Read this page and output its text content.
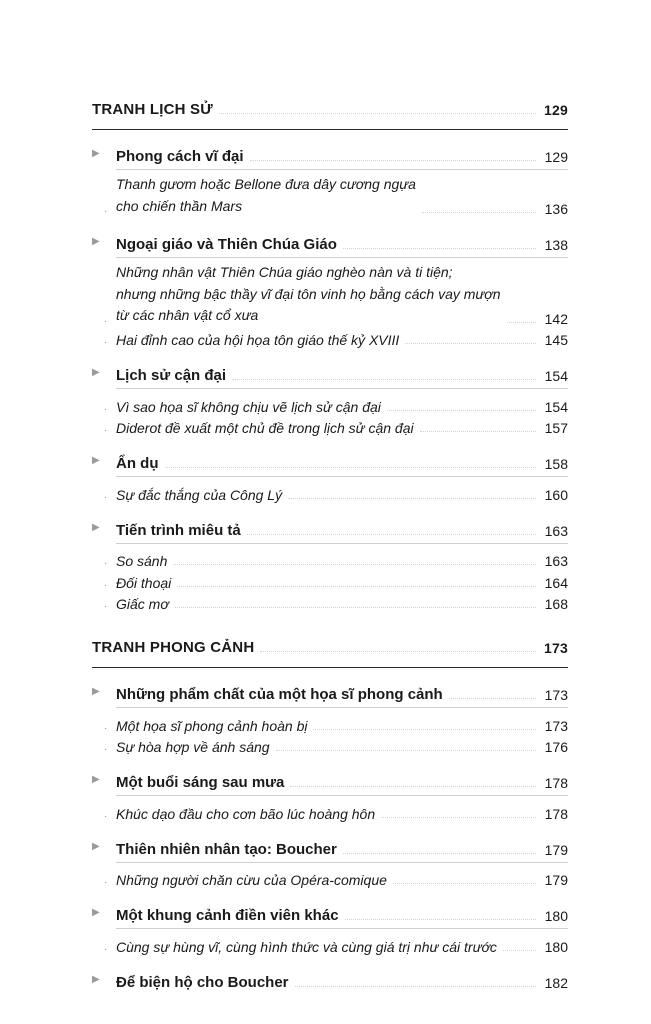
TRANH LỊCH SỬ	129
▶	Phong cách vĩ đại	129
·
Thanh gươm hoặc Bellone đưa dây cương ngựa
cho chiến thần Mars	136
▶	Ngoại giáo và Thiên Chúa Giáo	138
·
Những nhân vật Thiên Chúa giáo nghèo nàn và ti tiện;
nhưng những bậc thầy vĩ đại tôn vinh họ bằng cách vay mượn
từ các nhân vật cổ xưa	142
· Hai đỉnh cao của hội họa tôn giáo thế kỷ XVIII	145
▶	Lịch sử cận đại	154
· Vì sao họa sĩ không chịu vẽ lịch sử cận đại	154
· Diderot đề xuất một chủ đề trong lịch sử cận đại	157
▶	Ẩn dụ	158
· Sự đắc thắng của Công Lý	160
▶	Tiến trình miêu tả	163
· So sánh	163
· Đối thoại	164
· Giấc mơ	168
TRANH PHONG CẢNH	173
▶	Những phẩm chất của một họa sĩ phong cảnh	173
· Một họa sĩ phong cảnh hoàn bị	173
· Sự hòa hợp về ánh sáng	176
▶	Một buổi sáng sau mưa	178
· Khúc dạo đầu cho cơn bão lúc hoàng hôn	178
▶	Thiên nhiên nhân tạo: Boucher	179
· Những người chăn cừu của Opéra-comique	179
▶	Một khung cảnh điền viên khác	180
· Cùng sự hùng vĩ, cùng hình thức và cùng giá trị như cái trước	180
▶	Để biện hộ cho Boucher	182
